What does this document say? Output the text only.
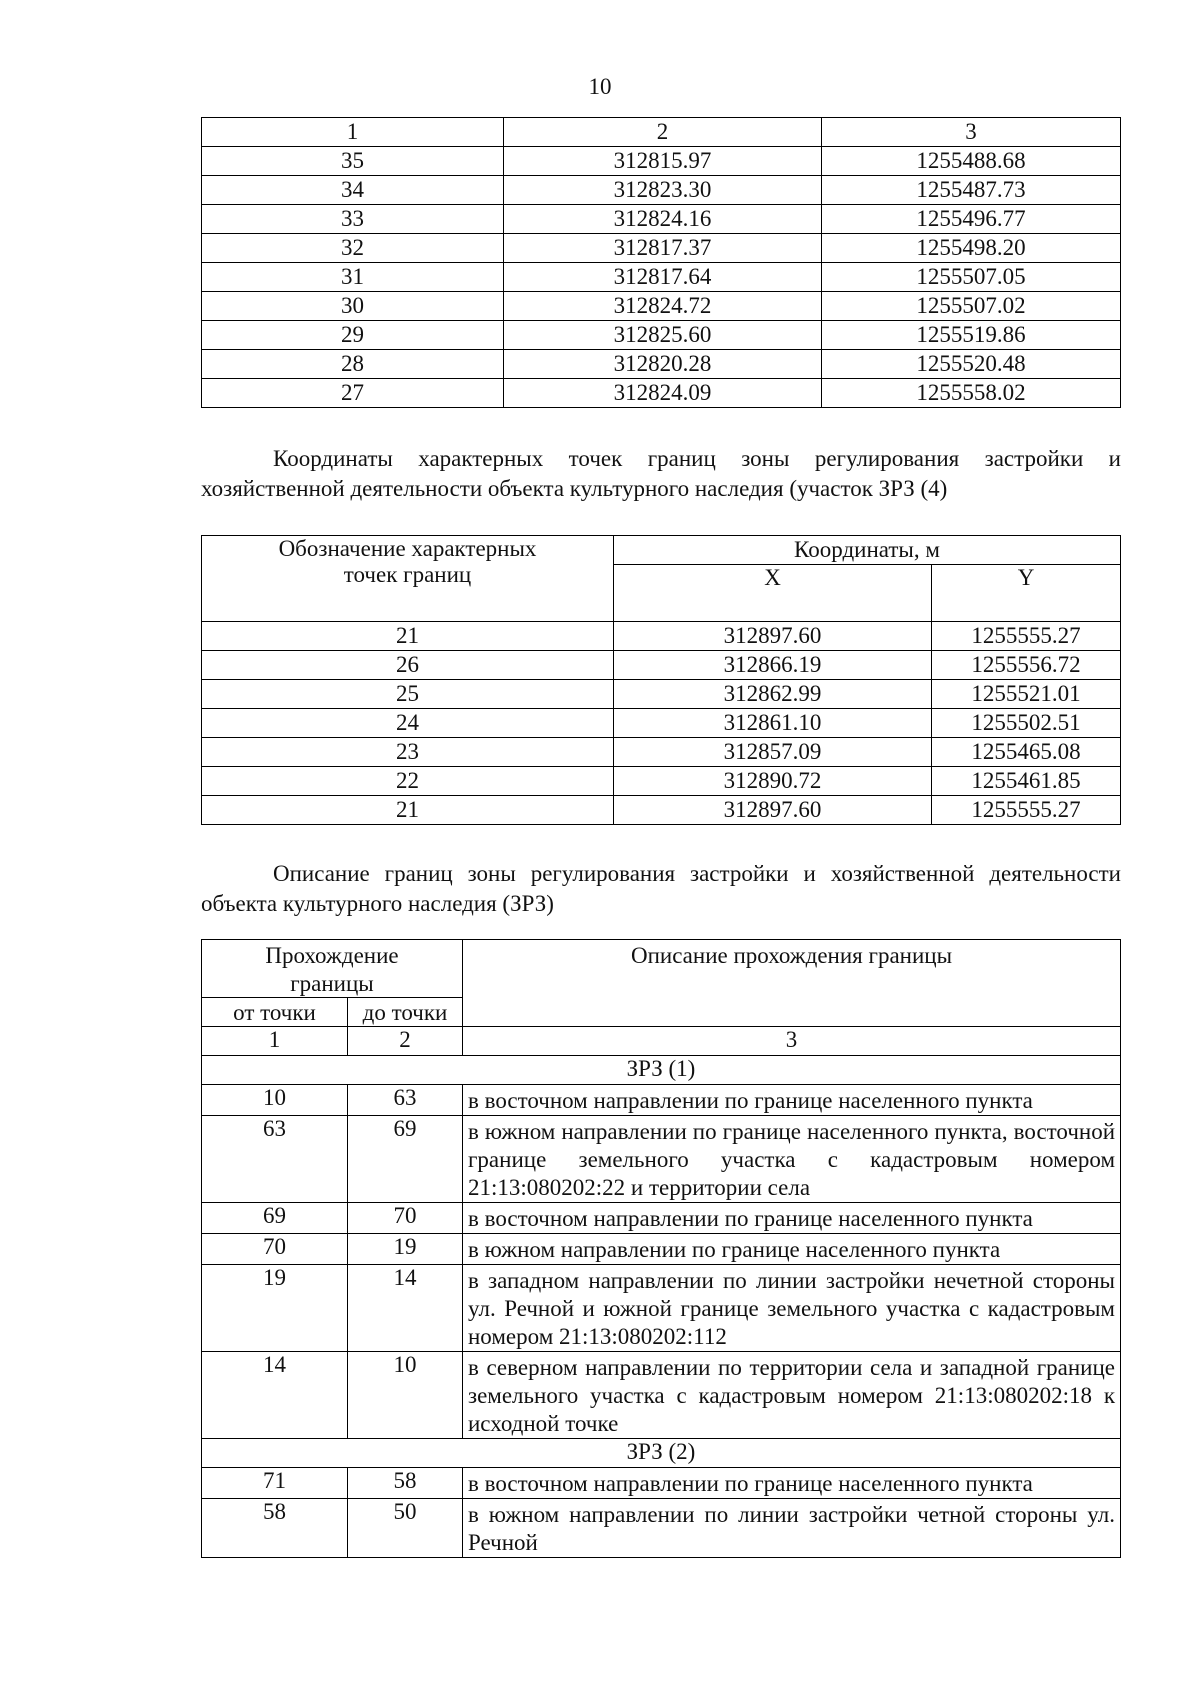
10
1	2	3
35	312815.97	1255488.68
34	312823.30	1255487.73
33	312824.16	1255496.77
32	312817.37	1255498.20
31	312817.64	1255507.05
30	312824.72	1255507.02
29	312825.60	1255519.86
28	312820.28	1255520.48
27	312824.09	1255558.02

Координаты характерных точек границ зоны регулирования застройки и хозяйственной деятельности объекта культурного наследия (участок ЗРЗ (4)

Обозначение характерных точек границ	Координаты, м	
	X	Y
21	312897.60	1255555.27
26	312866.19	1255556.72
25	312862.99	1255521.01
24	312861.10	1255502.51
23	312857.09	1255465.08
22	312890.72	1255461.85
21	312897.60	1255555.27

Описание границ зоны регулирования застройки и хозяйственной деятельности объекта культурного наследия (ЗРЗ)

Прохождение границы		Описание прохождения границы
от точки	до точки	
1	2	3
ЗРЗ (1)		
10	63	в восточном направлении по границе населенного пункта
63	69	в южном направлении по границе населенного пункта, восточной границе земельного участка с кадастровым номером 21:13:080202:22 и территории села
69	70	в восточном направлении по границе населенного пункта
70	19	в южном направлении по границе населенного пункта
19	14	в западном направлении по линии застройки нечетной стороны ул. Речной и южной границе земельного участка с кадастровым номером 21:13:080202:112
14	10	в северном направлении по территории села и западной границе земельного участка с кадастровым номером 21:13:080202:18 к исходной точке
ЗРЗ (2)		
71	58	в восточном направлении по границе населенного пункта
58	50	в южном направлении по линии застройки четной стороны ул. Речной
